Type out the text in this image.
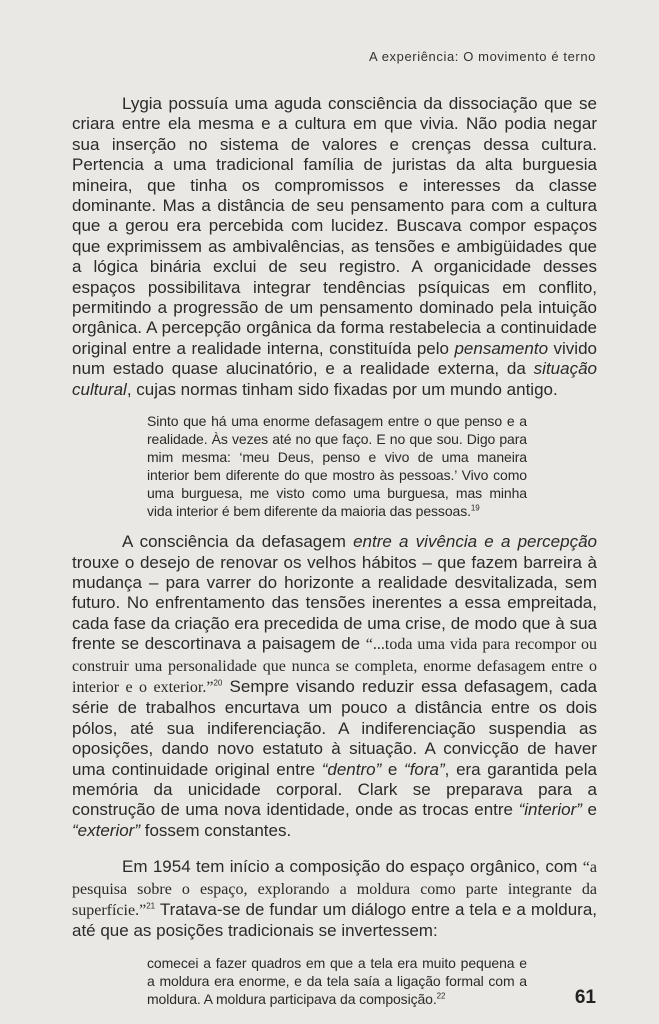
A experiência: O movimento é terno

Lygia possuía uma aguda consciência da dissociação que se criara entre ela mesma e a cultura em que vivia. Não podia negar sua inserção no sistema de valores e crenças dessa cultura. Pertencia a uma tradicional família de juristas da alta burguesia mineira, que tinha os compromissos e interesses da classe dominante. Mas a distância de seu pensamento para com a cultura que a gerou era percebida com lucidez. Buscava compor espaços que exprimissem as ambivalências, as tensões e ambigüidades que a lógica binária exclui de seu registro. A organicidade desses espaços possibilitava integrar tendências psíquicas em conflito, permitindo a progressão de um pensamento dominado pela intuição orgânica. A percepção orgânica da forma restabelecia a continuidade original entre a realidade interna, constituída pelo pensamento vivido num estado quase alucinatório, e a realidade externa, da situação cultural, cujas normas tinham sido fixadas por um mundo antigo.

Sinto que há uma enorme defasagem entre o que penso e a realidade. Às vezes até no que faço. E no que sou. Digo para mim mesma: ‘meu Deus, penso e vivo de uma maneira interior bem diferente do que mostro às pessoas.’ Vivo como uma burguesa, me visto como uma burguesa, mas minha vida interior é bem diferente da maioria das pessoas.$^{19}$

A consciência da defasagem entre a vivência e a percepção trouxe o desejo de renovar os velhos hábitos – que fazem barreira à mudança – para varrer do horizonte a realidade desvitalizada, sem futuro. No enfrentamento das tensões inerentes a essa empreitada, cada fase da criação era precedida de uma crise, de modo que à sua frente se descortinava a paisagem de “...toda uma vida para recompor ou construir uma personalidade que nunca se completa, enorme defasagem entre o interior e o exterior.”$^{20}$ Sempre visando reduzir essa defasagem, cada série de trabalhos encurtava um pouco a distância entre os dois pólos, até sua indiferenciação. A indiferenciação suspendia as oposições, dando novo estatuto à situação. A convicção de haver uma continuidade original entre “dentro” e “fora”, era garantida pela memória da unicidade corporal. Clark se preparava para a construção de uma nova identidade, onde as trocas entre “interior” e “exterior” fossem constantes.

Em 1954 tem início a composição do espaço orgânico, com “a pesquisa sobre o espaço, explorando a moldura como parte integrante da superfície.”$^{21}$ Tratava-se de fundar um diálogo entre a tela e a moldura, até que as posições tradicionais se invertessem:

comecei a fazer quadros em que a tela era muito pequena e a moldura era enorme, e da tela saía a ligação formal com a moldura. A moldura participava da composição.$^{22}$	61
